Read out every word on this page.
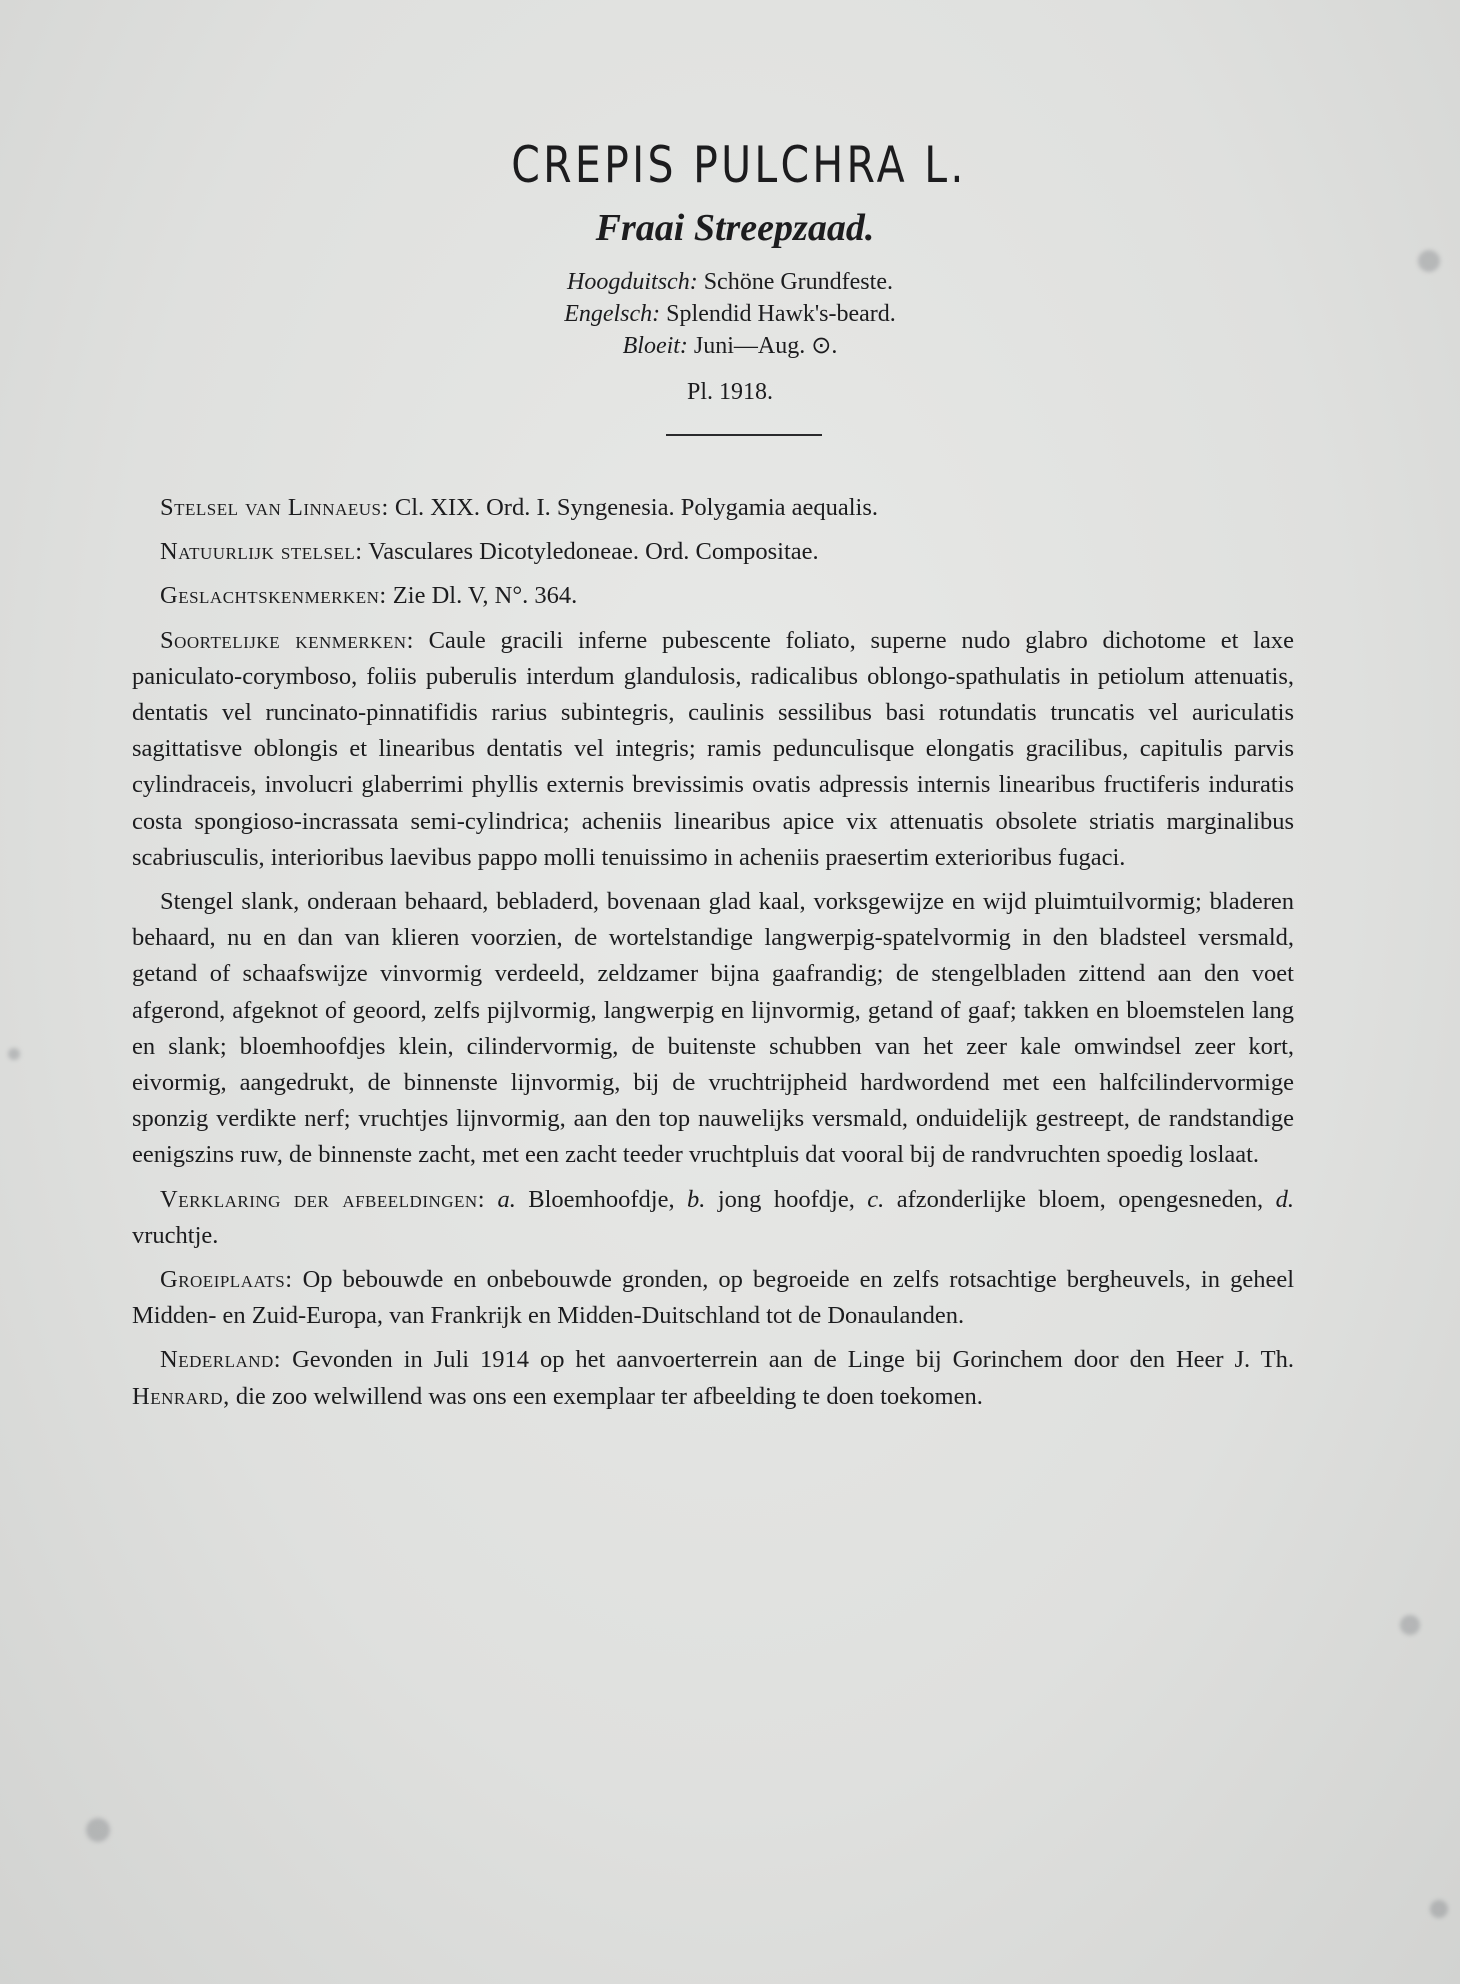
CREPIS PULCHRA L.
Fraai Streepzaad.

Hoogduitsch: Schöne Grundfeste.

Engelsch: Splendid Hawk's-beard.

Bloeit: Juni—Aug. ⊙.

Pl. 1918.

Stelsel van Linnaeus: Cl. XIX. Ord. I. Syngenesia. Polygamia aequalis.

Natuurlijk stelsel: Vasculares Dicotyledoneae. Ord. Compositae.

Geslachtskenmerken: Zie Dl. V, N°. 364.

Soortelijke kenmerken: Caule gracili inferne pubescente foliato, superne nudo glabro dichotome et laxe paniculato-corymboso, foliis puberulis interdum glandulosis, radicalibus oblongo-spathulatis in petiolum attenuatis, dentatis vel runcinato-pinnatifidis rarius subintegris, caulinis sessilibus basi rotundatis truncatis vel auriculatis sagittatisve oblongis et linearibus dentatis vel integris; ramis pedunculisque elongatis gracilibus, capitulis parvis cylindraceis, involucri glaberrimi phyllis externis brevissimis ovatis adpressis internis linearibus fructiferis induratis costa spongioso-incrassata semi-cylindrica; acheniis linearibus apice vix attenuatis obsolete striatis marginalibus scabriusculis, interioribus laevibus pappo molli tenuissimo in acheniis praesertim exterioribus fugaci.

Stengel slank, onderaan behaard, bebladerd, bovenaan glad kaal, vorksgewijze en wijd pluimtuilvormig; bladeren behaard, nu en dan van klieren voorzien, de wortelstandige langwerpig-spatelvormig in den bladsteel versmald, getand of schaafswijze vinvormig verdeeld, zeldzamer bijna gaafrandig; de stengelbladen zittend aan den voet afgerond, afgeknot of geoord, zelfs pijlvormig, langwerpig en lijnvormig, getand of gaaf; takken en bloemstelen lang en slank; bloemhoofdjes klein, cilindervormig, de buitenste schubben van het zeer kale omwindsel zeer kort, eivormig, aangedrukt, de binnenste lijnvormig, bij de vruchtrijpheid hardwordend met een halfcilindervormige sponzig verdikte nerf; vruchtjes lijnvormig, aan den top nauwelijks versmald, onduidelijk gestreept, de randstandige eenigszins ruw, de binnenste zacht, met een zacht teeder vruchtpluis dat vooral bij de randvruchten spoedig loslaat.

Verklaring der afbeeldingen: a. Bloemhoofdje, b. jong hoofdje, c. afzonderlijke bloem, opengesneden, d. vruchtje.

Groeiplaats: Op bebouwde en onbebouwde gronden, op begroeide en zelfs rotsachtige bergheuvels, in geheel Midden- en Zuid-Europa, van Frankrijk en Midden-Duitschland tot de Donaulanden.

Nederland: Gevonden in Juli 1914 op het aanvoerterrein aan de Linge bij Gorinchem door den Heer J. Th. Henrard, die zoo welwillend was ons een exemplaar ter afbeelding te doen toekomen.
